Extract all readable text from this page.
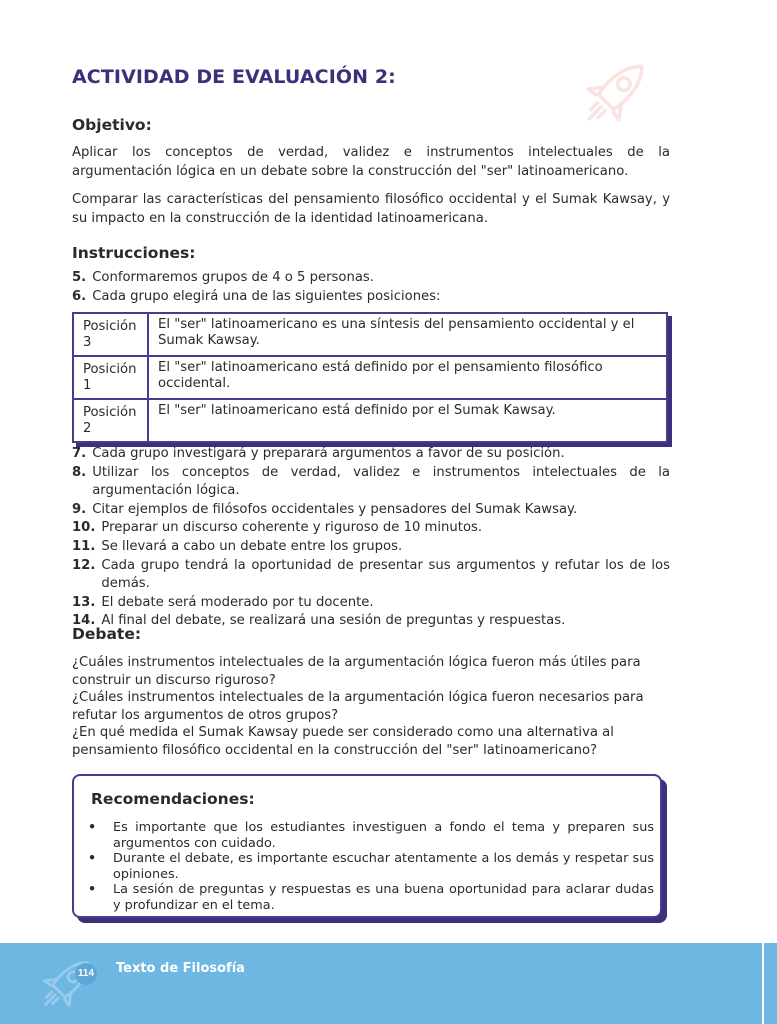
ACTIVIDAD DE EVALUACIÓN 2:
Objetivo:

Aplicar los conceptos de verdad, validez e instrumentos intelectuales de la argumentación lógica en un debate sobre la construcción del "ser" latinoamericano.

Comparar las características del pensamiento filosófico occidental y el Sumak Kawsay, y su impacto en la construcción de la identidad latinoamericana.

Instrucciones:
5. Conformaremos grupos de 4 o 5 personas.
6. Cada grupo elegirá una de las siguientes posiciones:
Posición 3	El "ser" latinoamericano es una síntesis del pensamiento occidental y el Sumak Kawsay.
Posición 1	El "ser" latinoamericano está definido por el pensamiento filosófico occidental.
Posición 2	El "ser" latinoamericano está definido por el Sumak Kawsay.
7. Cada grupo investigará y preparará argumentos a favor de su posición.
8. Utilizar los conceptos de verdad, validez e instrumentos intelectuales de la argumentación lógica.
9. Citar ejemplos de filósofos occidentales y pensadores del Sumak Kawsay.
10. Preparar un discurso coherente y riguroso de 10 minutos.
11. Se llevará a cabo un debate entre los grupos.
12. Cada grupo tendrá la oportunidad de presentar sus argumentos y refutar los de los demás.
13. El debate será moderado por tu docente.
14. Al final del debate, se realizará una sesión de preguntas y respuestas.
Debate:

¿Cuáles instrumentos intelectuales de la argumentación lógica fueron más útiles para construir un discurso riguroso?

¿Cuáles instrumentos intelectuales de la argumentación lógica fueron necesarios para refutar los argumentos de otros grupos?

¿En qué medida el Sumak Kawsay puede ser considerado como una alternativa al pensamiento filosófico occidental en la construcción del "ser" latinoamericano?

Recomendaciones:
•	Es importante que los estudiantes investiguen a fondo el tema y preparen sus argumentos con cuidado.
•	Durante el debate, es importante escuchar atentamente a los demás y respetar sus opiniones.
•	La sesión de preguntas y respuestas es una buena oportunidad para aclarar dudas y profundizar en el tema.
114 Texto de Filosofía
